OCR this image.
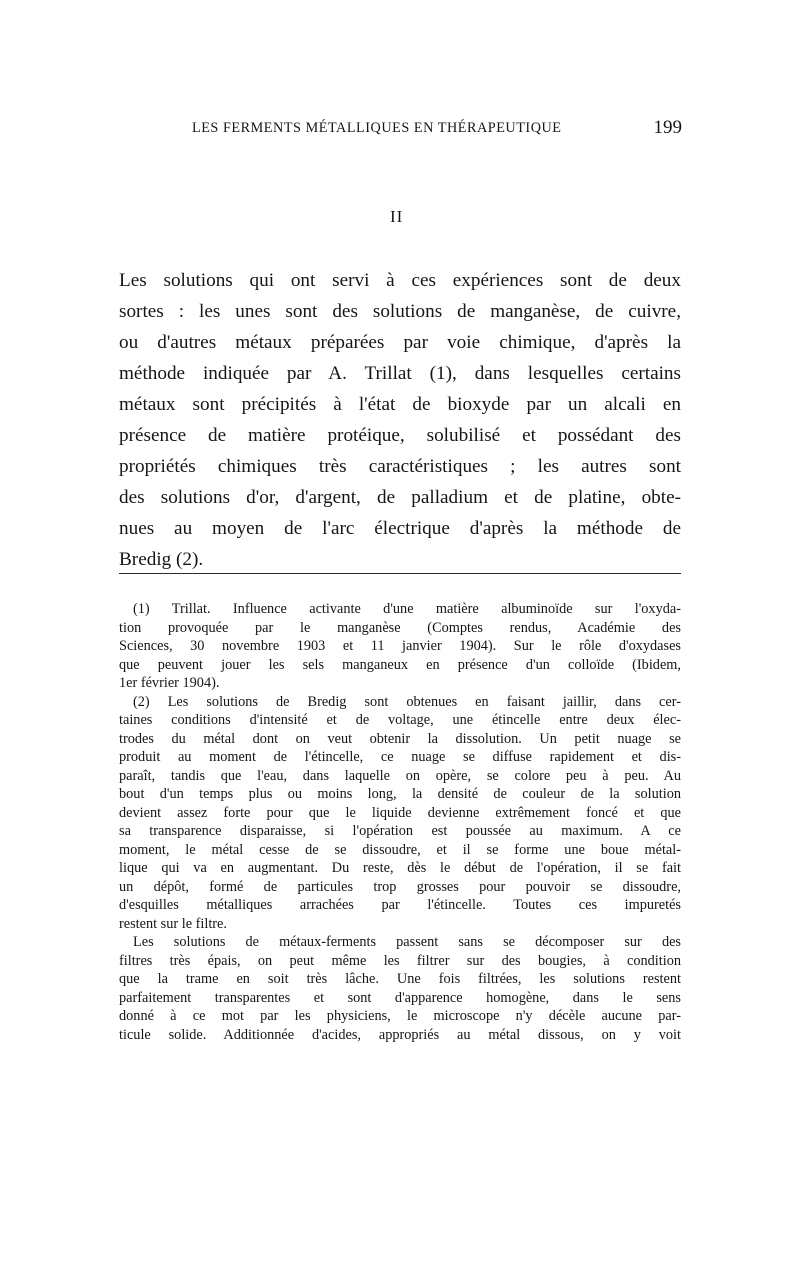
LES FERMENTS MÉTALLIQUES EN THÉRAPEUTIQUE	199
II
Les solutions qui ont servi à ces expériences sont de deux
sortes : les unes sont des solutions de manganèse, de cuivre,
ou d'autres métaux préparées par voie chimique, d'après la
méthode indiquée par A. Trillat (1), dans lesquelles certains
métaux sont précipités à l'état de bioxyde par un alcali en
présence de matière protéique, solubilisé et possédant des
propriétés chimiques très caractéristiques ; les autres sont
des solutions d'or, d'argent, de palladium et de platine, obte-
nues au moyen de l'arc électrique d'après la méthode de
Bredig (2).
(1) Trillat. Influence activante d'une matière albuminoïde sur l'oxyda-
tion provoquée par le manganèse (Comptes rendus, Académie des
Sciences, 30 novembre 1903 et 11 janvier 1904). Sur le rôle d'oxydases
que peuvent jouer les sels manganeux en présence d'un colloïde (Ibidem,
1er février 1904).
(2) Les solutions de Bredig sont obtenues en faisant jaillir, dans cer-
taines conditions d'intensité et de voltage, une étincelle entre deux élec-
trodes du métal dont on veut obtenir la dissolution. Un petit nuage se
produit au moment de l'étincelle, ce nuage se diffuse rapidement et dis-
paraît, tandis que l'eau, dans laquelle on opère, se colore peu à peu. Au
bout d'un temps plus ou moins long, la densité de couleur de la solution
devient assez forte pour que le liquide devienne extrêmement foncé et que
sa transparence disparaisse, si l'opération est poussée au maximum. A ce
moment, le métal cesse de se dissoudre, et il se forme une boue métal-
lique qui va en augmentant. Du reste, dès le début de l'opération, il se fait
un dépôt, formé de particules trop grosses pour pouvoir se dissoudre,
d'esquilles métalliques arrachées par l'étincelle. Toutes ces impuretés
restent sur le filtre.
Les solutions de métaux-ferments passent sans se décomposer sur des
filtres très épais, on peut même les filtrer sur des bougies, à condition
que la trame en soit très lâche. Une fois filtrées, les solutions restent
parfaitement transparentes et sont d'apparence homogène, dans le sens
donné à ce mot par les physiciens, le microscope n'y décèle aucune par-
ticule solide. Additionnée d'acides, appropriés au métal dissous, on y voit
